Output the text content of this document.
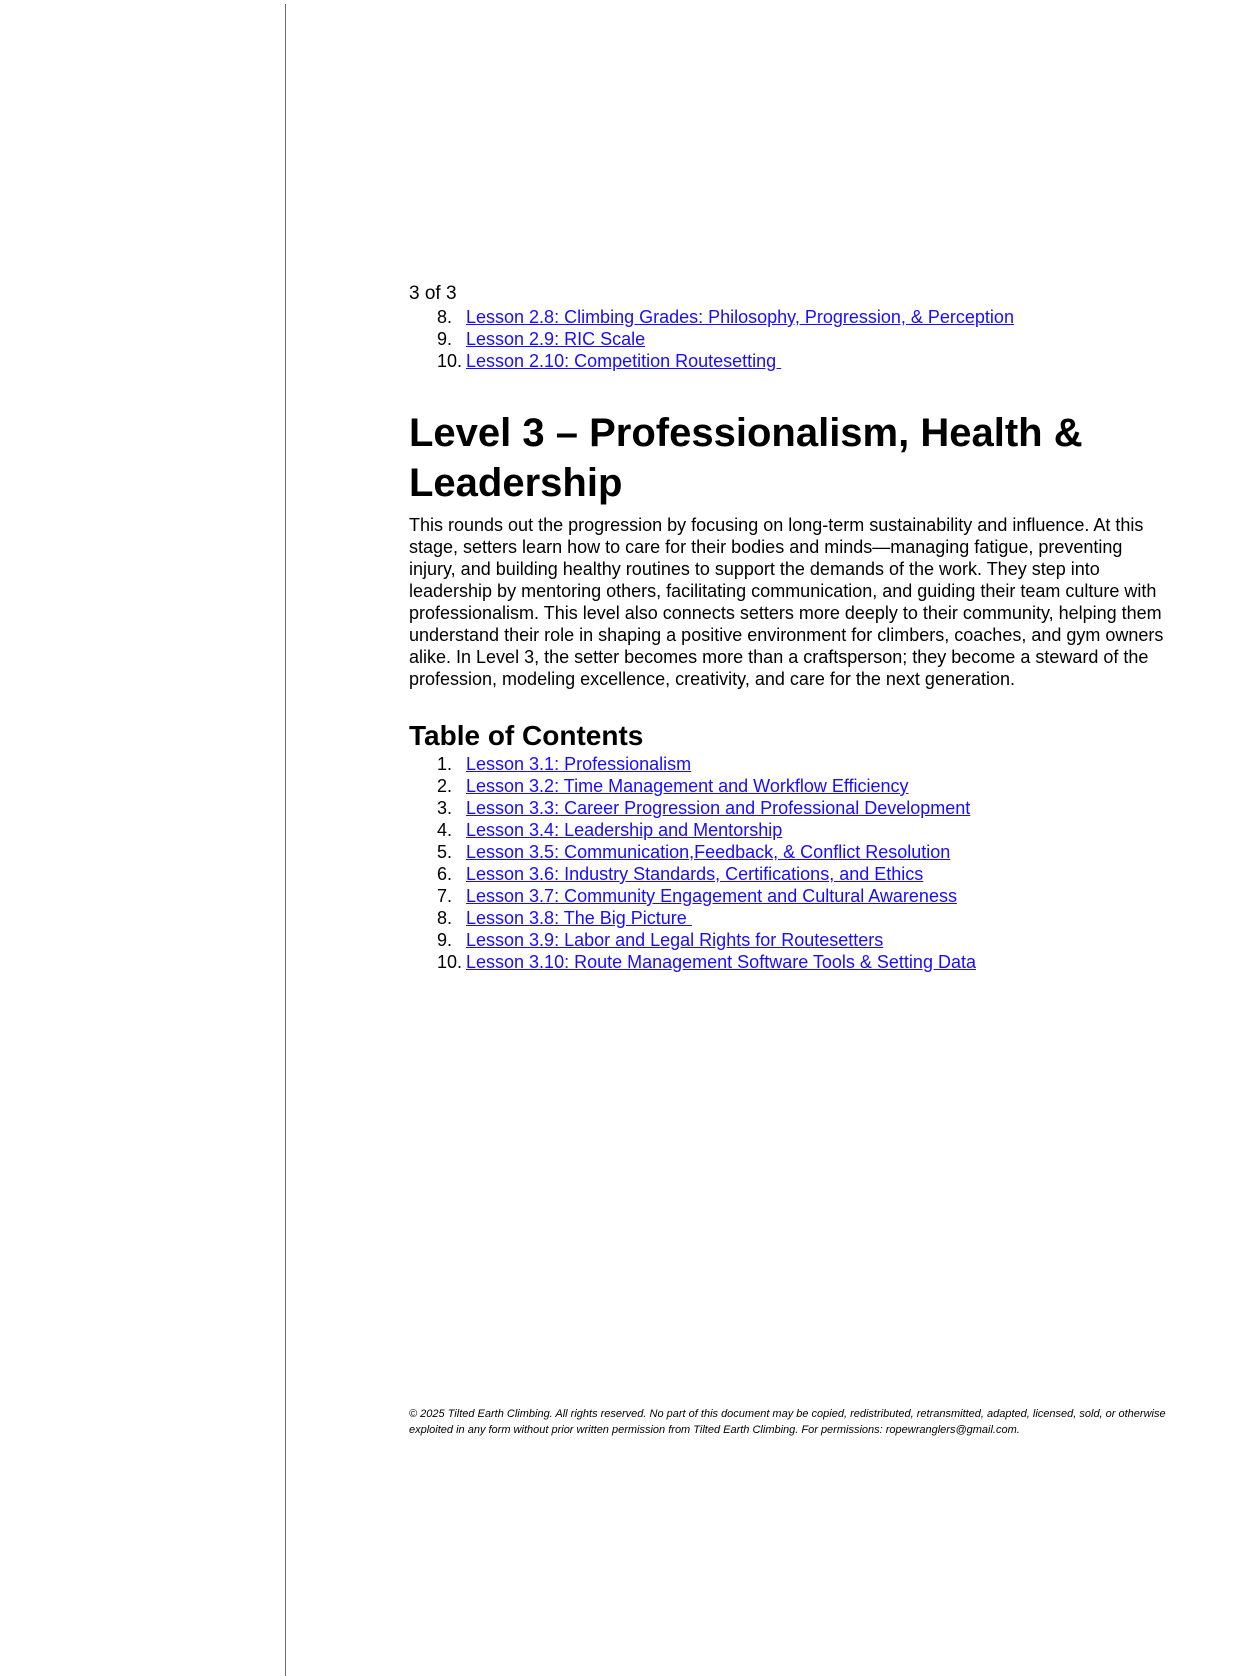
3 of 3

8. Lesson 2.8: Climbing Grades: Philosophy, Progression, & Perception
9. Lesson 2.9: RIC Scale
10. Lesson 2.10: Competition Routesetting
Level 3 – Professionalism, Health & Leadership

This rounds out the progression by focusing on long-term sustainability and influence. At this stage, setters learn how to care for their bodies and minds—managing fatigue, preventing injury, and building healthy routines to support the demands of the work. They step into leadership by mentoring others, facilitating communication, and guiding their team culture with professionalism. This level also connects setters more deeply to their community, helping them understand their role in shaping a positive environment for climbers, coaches, and gym owners alike. In Level 3, the setter becomes more than a craftsperson; they become a steward of the profession, modeling excellence, creativity, and care for the next generation.

Table of Contents
1. Lesson 3.1: Professionalism
2. Lesson 3.2: Time Management and Workflow Efficiency
3. Lesson 3.3: Career Progression and Professional Development
4. Lesson 3.4: Leadership and Mentorship
5. Lesson 3.5: Communication,Feedback, & Conflict Resolution
6. Lesson 3.6: Industry Standards, Certifications, and Ethics
7. Lesson 3.7: Community Engagement and Cultural Awareness
8. Lesson 3.8: The Big Picture
9. Lesson 3.9: Labor and Legal Rights for Routesetters
10. Lesson 3.10: Route Management Software Tools & Setting Data
© 2025 Tilted Earth Climbing. All rights reserved. No part of this document may be copied, redistributed, retransmitted, adapted, licensed, sold, or otherwise exploited in any form without prior written permission from Tilted Earth Climbing. For permissions: ropewranglers@gmail.com.
